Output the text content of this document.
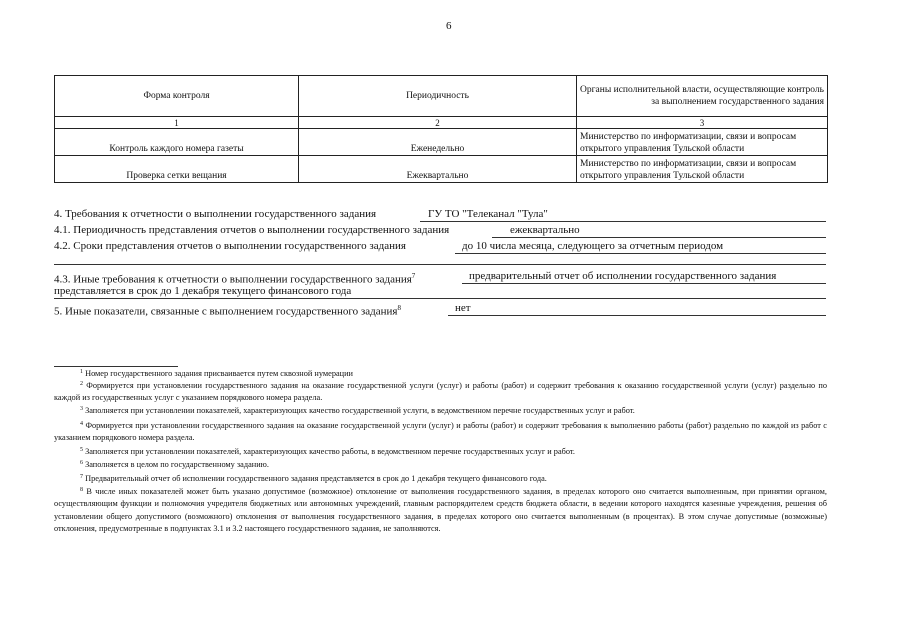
6
Форма контроля	Периодичность	Органы исполнительной власти, осуществляющие контроль за выполнением государственного задания
1	2	3
Контроль каждого номера газеты	Еженедельно	Министерство по информатизации, связи и вопросам открытого управления Тульской области
Проверка сетки вещания	Ежеквартально	Министерство по информатизации, связи и вопросам открытого управления Тульской области
4. Требования к отчетности о выполнении государственного задания	ГУ ТО "Телеканал "Тула"
4.1. Периодичность представления отчетов о выполнении государственного задания	ежеквартально
4.2. Сроки представления отчетов о выполнении государственного задания	до 10 числа месяца, следующего за отчетным периодом
4.3. Иные требования к отчетности о выполнении государственного задания$^7$	предварительный отчет об исполнении государственного задания
представляется в срок до 1 декабря текущего финансового года
5. Иные показатели, связанные с выполнением государственного задания$^8$	нет
$^1$ Номер государственного задания присваивается путем сквозной нумерации
$^2$ Формируется при установлении государственного задания на оказание государственной услуги (услуг) и работы (работ) и содержит требования к оказанию государственной услуги (услуг) раздельно по каждой из государственных услуг с указанием порядкового номера раздела.
$^3$ Заполняется при установлении показателей, характеризующих качество государственной услуги, в ведомственном перечне государственных услуг и работ.
$^4$ Формируется при установлении государственного задания на оказание государственной услуги (услуг) и работы (работ) и содержит требования к выполнению работы (работ) раздельно по каждой из работ с указанием порядкового номера раздела.
$^5$ Заполняется при установлении показателей, характеризующих качество работы, в ведомственном перечне государственных услуг и работ.
$^6$ Заполняется в целом по государственному заданию.
$^7$ Предварительный отчет об исполнении государственного задания представляется в срок до 1 декабря текущего финансового года.
$^8$ В числе иных показателей может быть указано допустимое (возможное) отклонение от выполнения государственного задания, в пределах которого оно считается выполненным, при принятии органом, осуществляющим функции и полномочия учредителя бюджетных или автономных учреждений, главным распорядителем средств бюджета области, в ведении которого находятся казенные учреждения, решения об установлении общего допустимого (возможного) отклонения от выполнения государственного задания, в пределах которого оно считается выполненным (в процентах). В этом случае допустимые (возможные) отклонения, предусмотренные в подпунктах 3.1 и 3.2 настоящего государственного задания, не заполняются.
